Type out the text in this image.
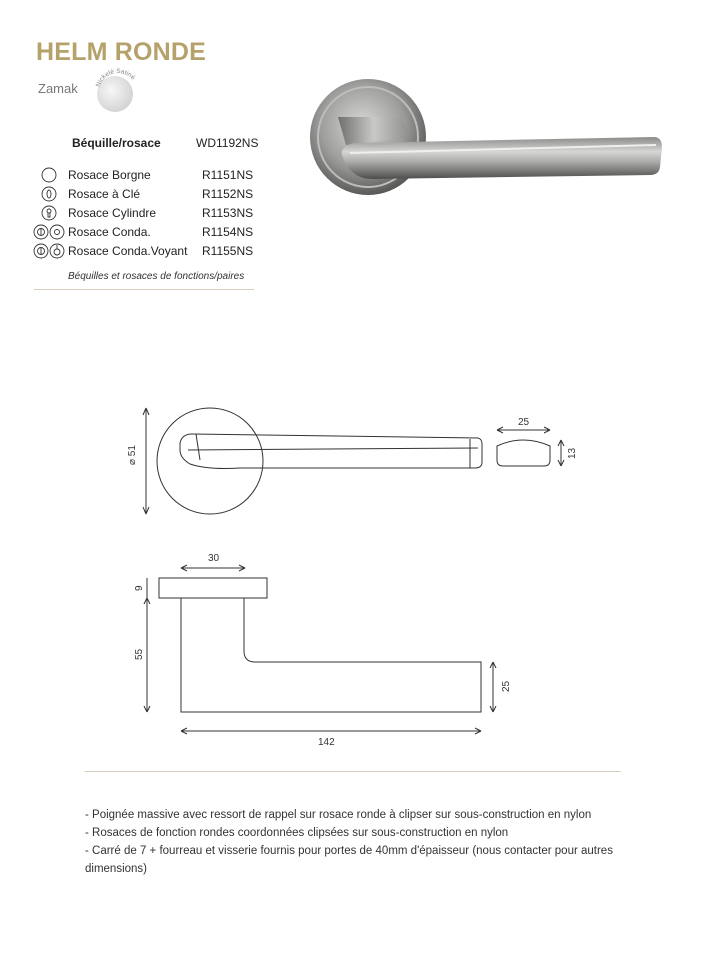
HELM RONDE
Zamak	Nickelé Satiné
Béquille/rosace	WD1192NS
Rosace Borgne	R1151NS
Rosace à Clé	R1152NS
Rosace Cylindre	R1153NS
Rosace Conda.	R1154NS
Rosace Conda.Voyant R1155NS
Béquilles et rosaces de fonctions/paires
⌀ 51
25
13
30
9
55
25
142

- Poignée massive avec ressort de rappel sur rosace ronde à clipser sur sous-construction en nylon

- Rosaces de fonction rondes coordonnées clipsées sur sous-construction en nylon

- Carré de 7 + fourreau et visserie fournis pour portes de 40mm d'épaisseur (nous contacter pour autres dimensions)
